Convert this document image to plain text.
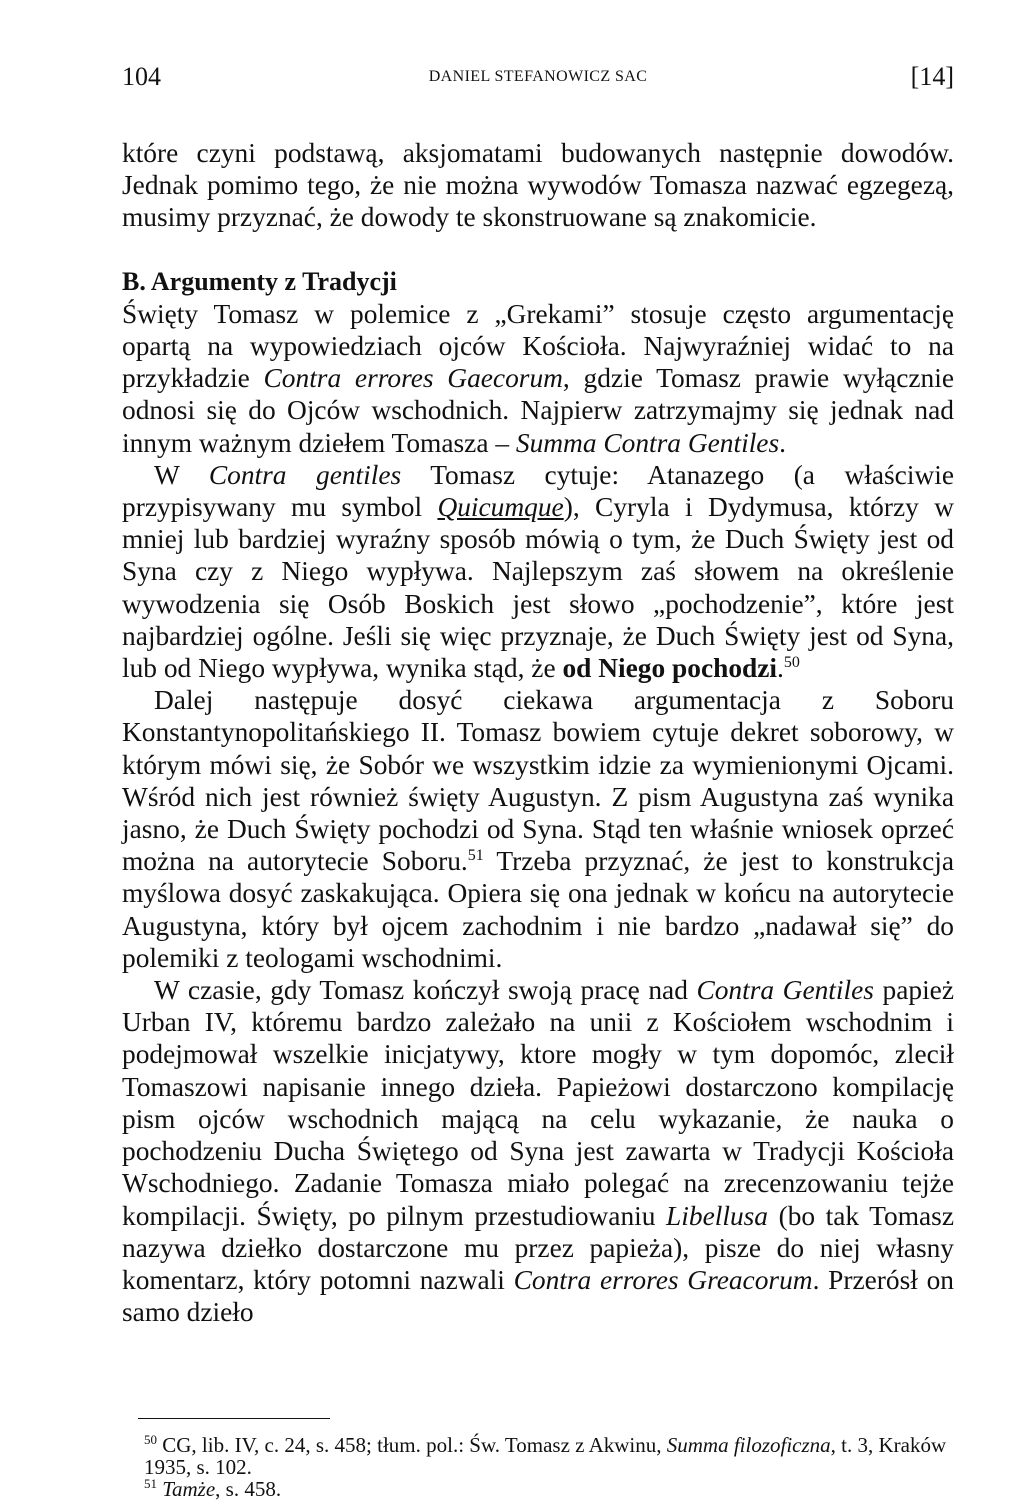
104	DANIEL STEFANOWICZ SAC	[14]

które czyni podstawą, aksjomatami budowanych następnie dowodów. Jednak pomimo tego, że nie można wywodów Tomasza nazwać egzegezą, musimy przyznać, że dowody te skonstruowane są znakomicie.

B. Argumenty z Tradycji

Święty Tomasz w polemice z „Grekami” stosuje często argumentację opartą na wypowiedziach ojców Kościoła. Najwyraźniej widać to na przykładzie Contra errores Gaecorum, gdzie Tomasz prawie wyłącznie odnosi się do Ojców wschodnich. Najpierw zatrzymajmy się jednak nad innym ważnym dziełem Tomasza – Summa Contra Gentiles.

W Contra gentiles Tomasz cytuje: Atanazego (a właściwie przypisywany mu symbol Quicumque), Cyryla i Dydymusa, którzy w mniej lub bardziej wyraźny sposób mówią o tym, że Duch Święty jest od Syna czy z Niego wypływa. Najlepszym zaś słowem na określenie wywodzenia się Osób Boskich jest słowo „pochodzenie”, które jest najbardziej ogólne. Jeśli się więc przyznaje, że Duch Święty jest od Syna, lub od Niego wypływa, wynika stąd, że od Niego pochodzi.$^{50}$

Dalej następuje dosyć ciekawa argumentacja z Soboru Konstantynopolitańskiego II. Tomasz bowiem cytuje dekret soborowy, w którym mówi się, że Sobór we wszystkim idzie za wymienionymi Ojcami. Wśród nich jest również święty Augustyn. Z pism Augustyna zaś wynika jasno, że Duch Święty pochodzi od Syna. Stąd ten właśnie wniosek oprzeć można na autorytecie Soboru.$^{51}$ Trzeba przyznać, że jest to konstrukcja myślowa dosyć zaskakująca. Opiera się ona jednak w końcu na autorytecie Augustyna, który był ojcem zachodnim i nie bardzo „nadawał się” do polemiki z teologami wschodnimi.

W czasie, gdy Tomasz kończył swoją pracę nad Contra Gentiles papież Urban IV, któremu bardzo zależało na unii z Kościołem wschodnim i podejmował wszelkie inicjatywy, ktore mogły w tym dopomóc, zlecił Tomaszowi napisanie innego dzieła. Papieżowi dostarczono kompilację pism ojców wschodnich mającą na celu wykazanie, że nauka o pochodzeniu Ducha Świętego od Syna jest zawarta w Tradycji Kościoła Wschodniego. Zadanie Tomasza miało polegać na zrecenzowaniu tejże kompilacji. Święty, po pilnym przestudiowaniu Libellusa (bo tak Tomasz nazywa dziełko dostarczone mu przez papieża), pisze do niej własny komentarz, który potomni nazwali Contra errores Greacorum. Przerósł on samo dzieło

$^{50}$ CG, lib. IV, c. 24, s. 458; tłum. pol.: Św. Tomasz z Akwinu, Summa filozoficzna, t. 3, Kraków 1935, s. 102.

$^{51}$ Tamże, s. 458.
